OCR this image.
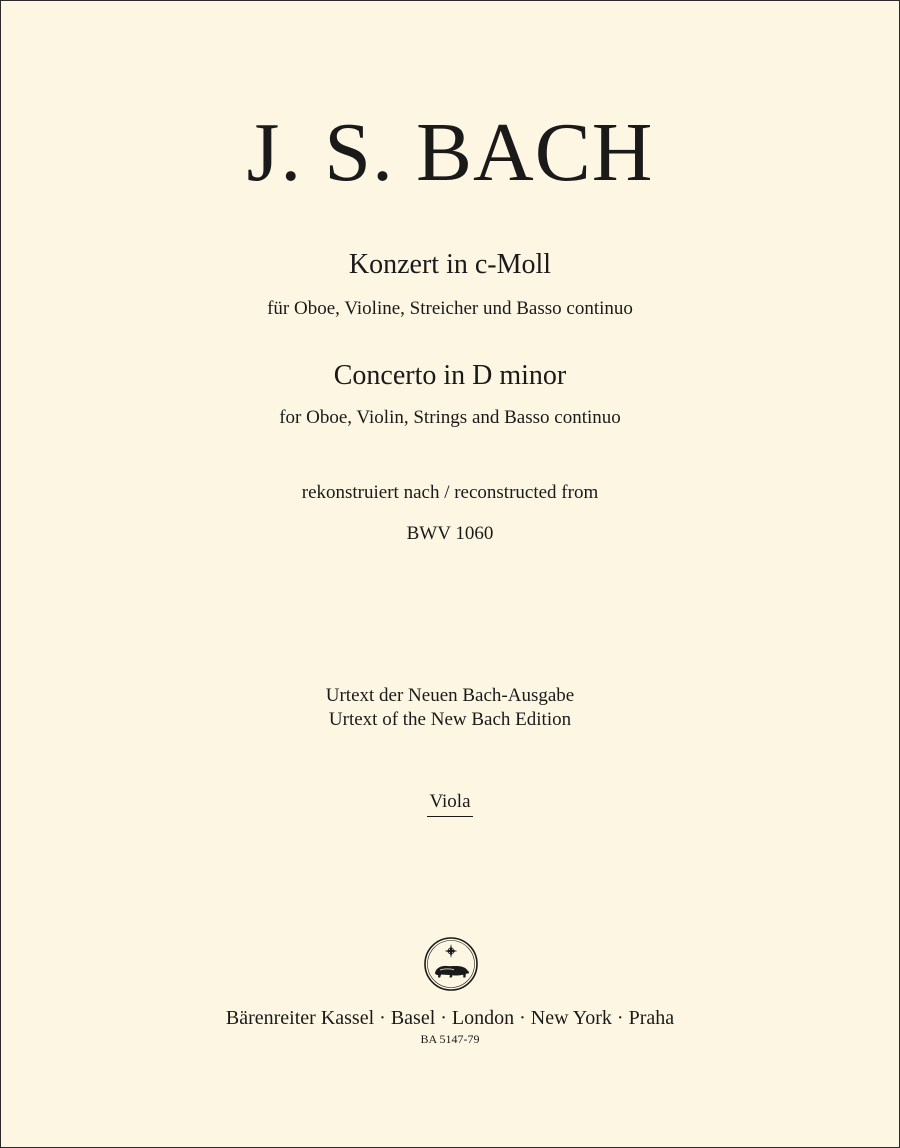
J. S. BACH
Konzert in c-Moll
für Oboe, Violine, Streicher und Basso continuo
Concerto in D minor
for Oboe, Violin, Strings and Basso continuo
rekonstruiert nach / reconstructed from
BWV 1060
Urtext der Neuen Bach-Ausgabe
Urtext of the New Bach Edition
Viola
Bärenreiter Kassel · Basel · London · New York · Praha
BA 5147-79
